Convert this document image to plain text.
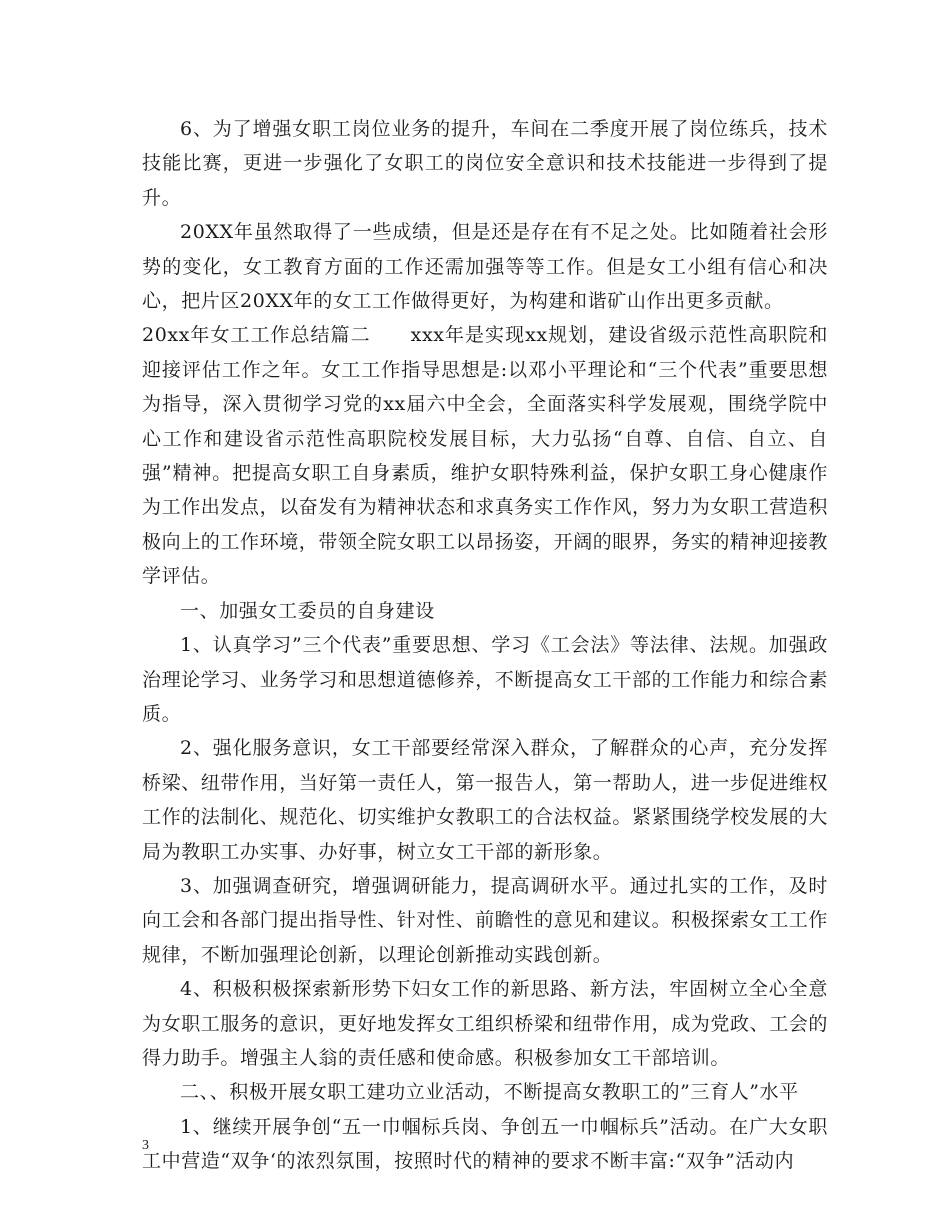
6、为了增强女职工岗位业务的提升，车间在二季度开展了岗位练兵，技术技能比赛，更进一步强化了女职工的岗位安全意识和技术技能进一步得到了提升。

20XX年虽然取得了一些成绩，但是还是存在有不足之处。比如随着社会形势的变化，女工教育方面的工作还需加强等等工作。但是女工小组有信心和决心，把片区20XX年的女工工作做得更好，为构建和谐矿山作出更多贡献。

20xx年女工工作总结篇二　　xxx年是实现xx规划，建设省级示范性高职院和迎接评估工作之年。女工工作指导思想是:以邓小平理论和“三个代表”重要思想为指导，深入贯彻学习党的xx届六中全会，全面落实科学发展观，围绕学院中心工作和建设省示范性高职院校发展目标，大力弘扬“自尊、自信、自立、自强”精神。把提高女职工自身素质，维护女职特殊利益，保护女职工身心健康作为工作出发点，以奋发有为精神状态和求真务实工作作风，努力为女职工营造积极向上的工作环境，带领全院女职工以昂扬姿，开阔的眼界，务实的精神迎接教学评估。

一、加强女工委员的自身建设

1、认真学习”三个代表”重要思想、学习《工会法》等法律、法规。加强政治理论学习、业务学习和思想道德修养，不断提高女工干部的工作能力和综合素质。

2、强化服务意识，女工干部要经常深入群众，了解群众的心声，充分发挥桥梁、纽带作用，当好第一责任人，第一报告人，第一帮助人，进一步促进维权工作的法制化、规范化、切实维护女教职工的合法权益。紧紧围绕学校发展的大局为教职工办实事、办好事，树立女工干部的新形象。

3、加强调查研究，增强调研能力，提高调研水平。通过扎实的工作，及时向工会和各部门提出指导性、针对性、前瞻性的意见和建议。积极探索女工工作规律，不断加强理论创新，以理论创新推动实践创新。

4、积极积极探索新形势下妇女工作的新思路、新方法，牢固树立全心全意为女职工服务的意识，更好地发挥女工组织桥梁和纽带作用，成为党政、工会的得力助手。增强主人翁的责任感和使命感。积极参加女工干部培训。

二、、积极开展女职工建功立业活动，不断提高女教职工的”三育人”水平

1、继续开展争创“五一巾帼标兵岗、争创五一巾帼标兵”活动。在广大女职工中营造“双争‘的浓烈氛围，按照时代的精神的要求不断丰富:“双争”活动内

3
